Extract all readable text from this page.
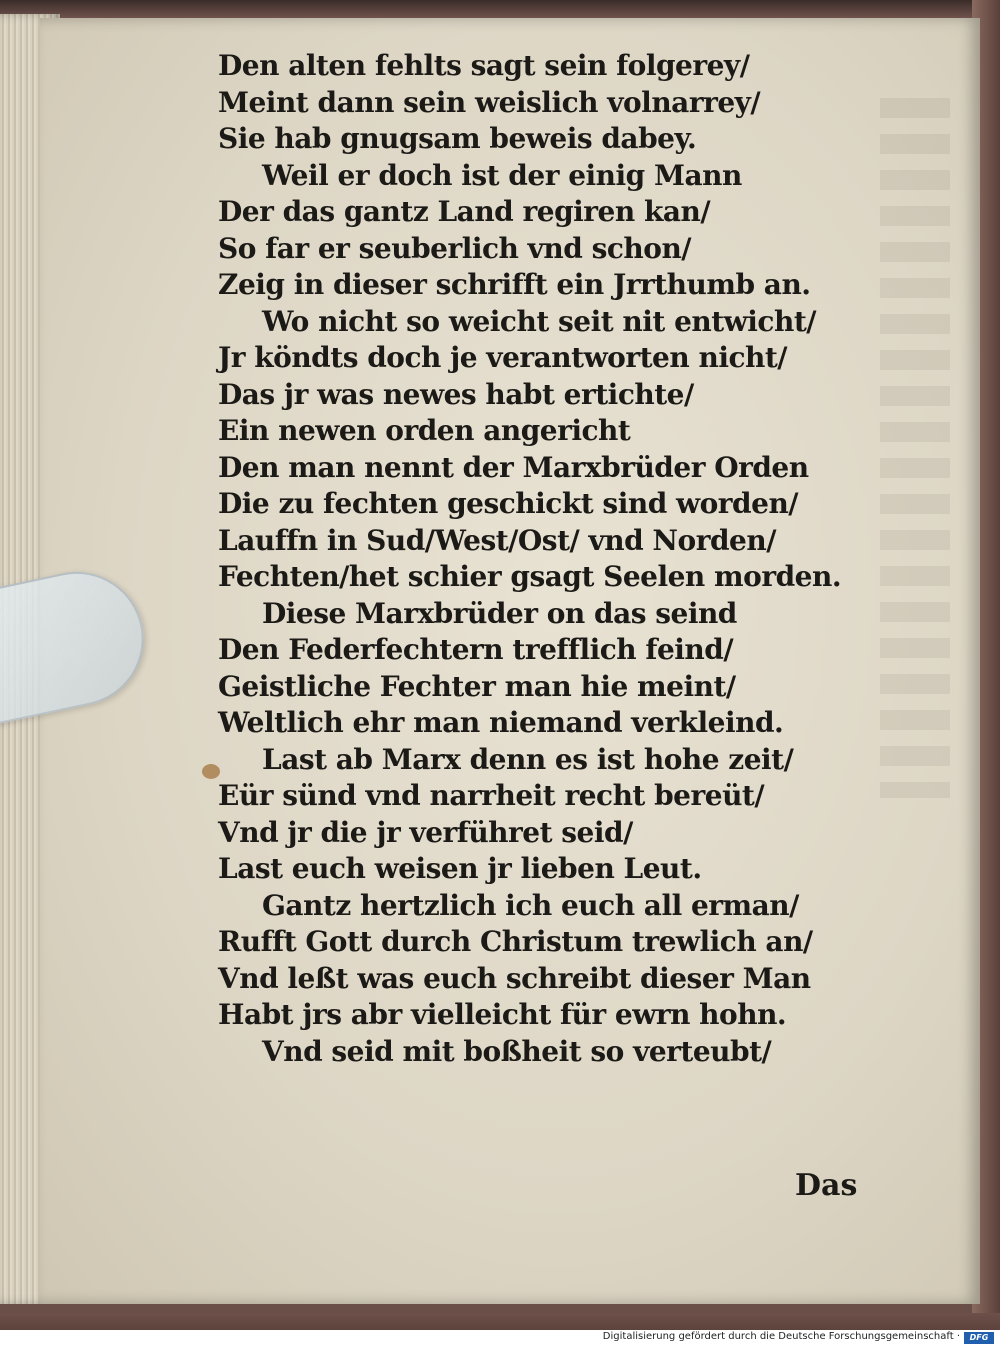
Den alten fehlts sagt sein folgerey/
Meint dann sein weislich volnarrey/
Sie hab gnugsam beweis dabey.
Weil er doch ist der einig Mann
Der das gantz Land regiren kan/
So far er seuberlich vnd schon/
Zeig in dieser schrifft ein Jrrthumb an.
Wo nicht so weicht seit nit entwicht/
Jr köndts doch je verantworten nicht/
Das jr was newes habt ertichte/
Ein newen orden angericht
Den man nennt der Marxbrüder Orden
Die zu fechten geschickt sind worden/
Lauffn in Sud/West/Ost/ vnd Norden/
Fechten/het schier gsagt Seelen morden.
Diese Marxbrüder on das seind
Den Federfechtern trefflich feind/
Geistliche Fechter man hie meint/
Weltlich ehr man niemand verkleind.
Last ab Marx denn es ist hohe zeit/
Eür sünd vnd narrheit recht bereüt/
Vnd jr die jr verführet seid/
Last euch weisen jr lieben Leut.
Gantz hertzlich ich euch all erman/
Rufft Gott durch Christum trewlich an/
Vnd leßt was euch schreibt dieser Man
Habt jrs abr vielleicht für ewrn hohn.
Vnd seid mit boßheit so verteubt/
Das
Digitalisierung gefördert durch die Deutsche Forschungsgemeinschaft ·	DFG
